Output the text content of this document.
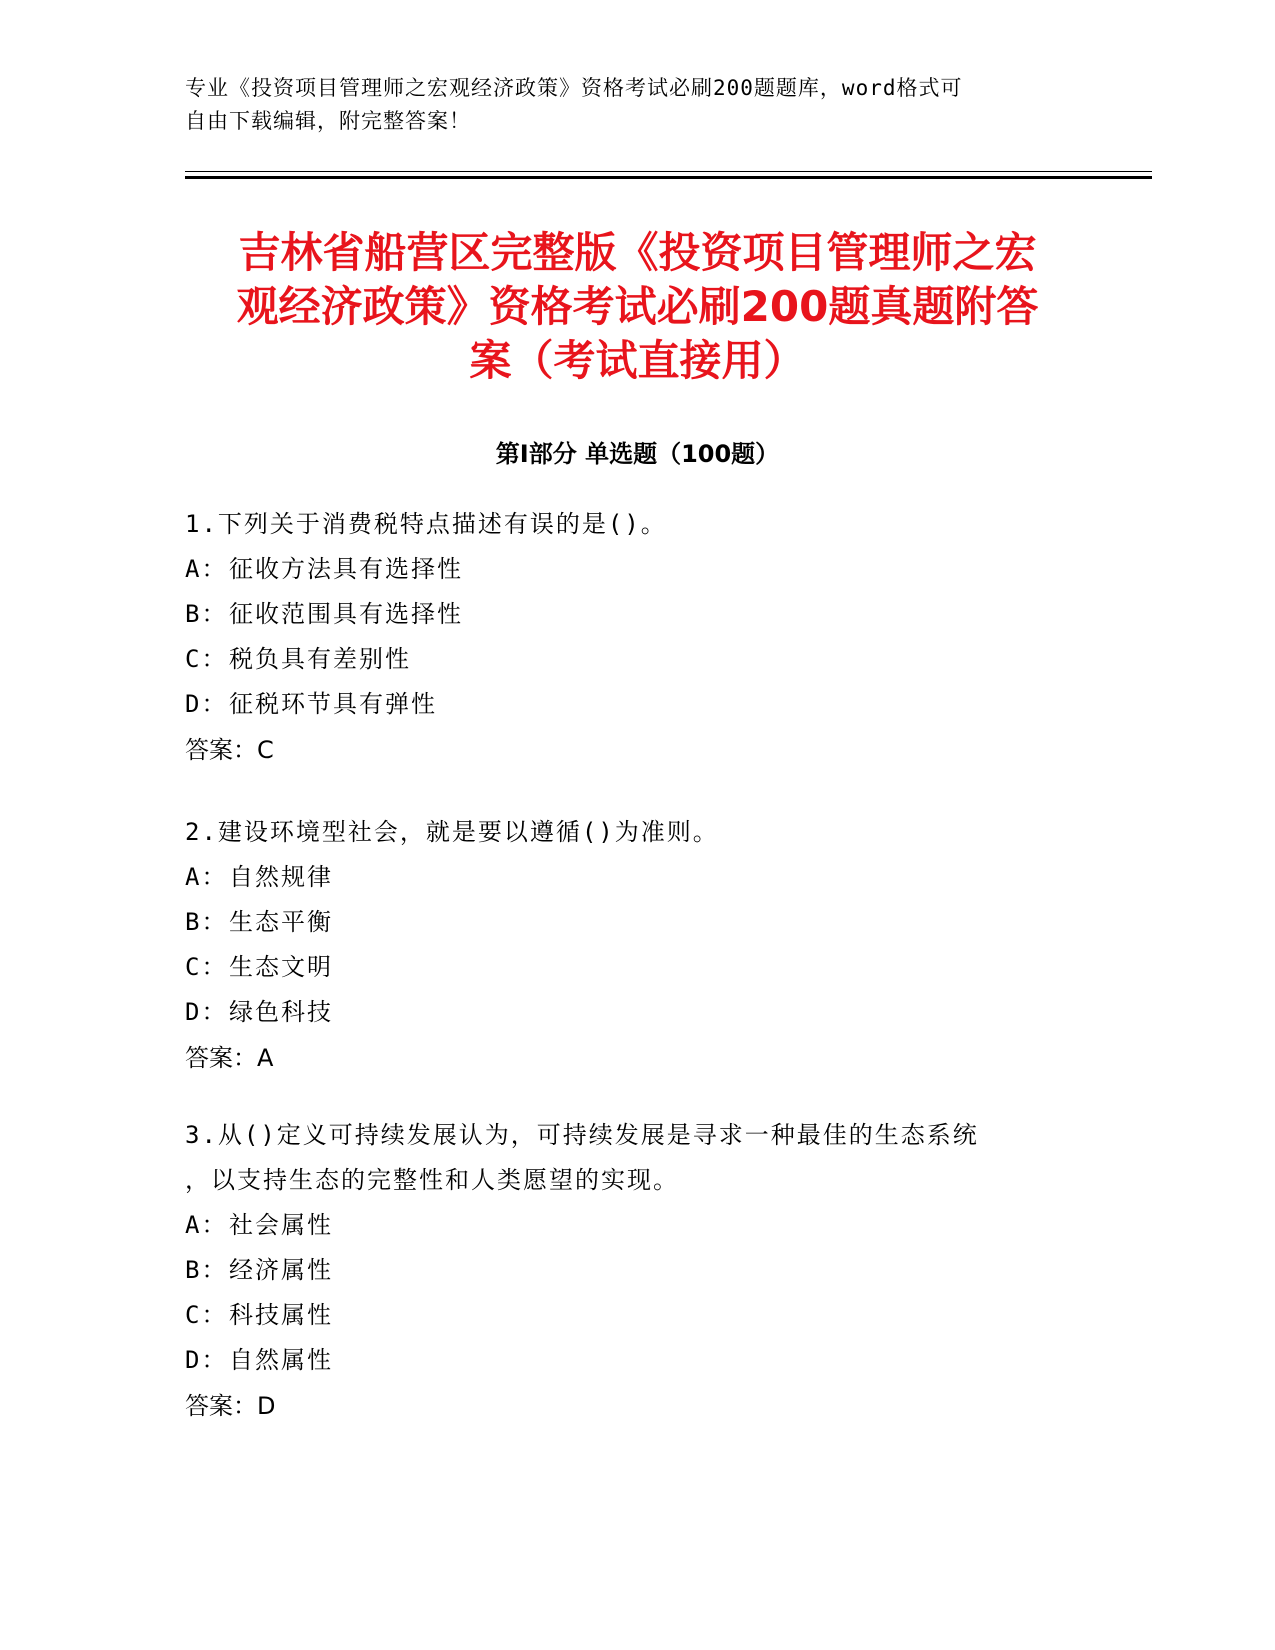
专业《投资项目管理师之宏观经济政策》资格考试必刷200题题库，word格式可
自由下载编辑，附完整答案！
吉林省船营区完整版《投资项目管理师之宏
观经济政策》资格考试必刷200题真题附答
案（考试直接用）
第Ⅰ部分 单选题（100题）
1.下列关于消费税特点描述有误的是()。
A：征收方法具有选择性
B：征收范围具有选择性
C：税负具有差别性
D：征税环节具有弹性
答案：C
2.建设环境型社会，就是要以遵循()为准则。
A：自然规律
B：生态平衡
C：生态文明
D：绿色科技
答案：A
3.从()定义可持续发展认为，可持续发展是寻求一种最佳的生态系统
，以支持生态的完整性和人类愿望的实现。
A：社会属性
B：经济属性
C：科技属性
D：自然属性
答案：D
